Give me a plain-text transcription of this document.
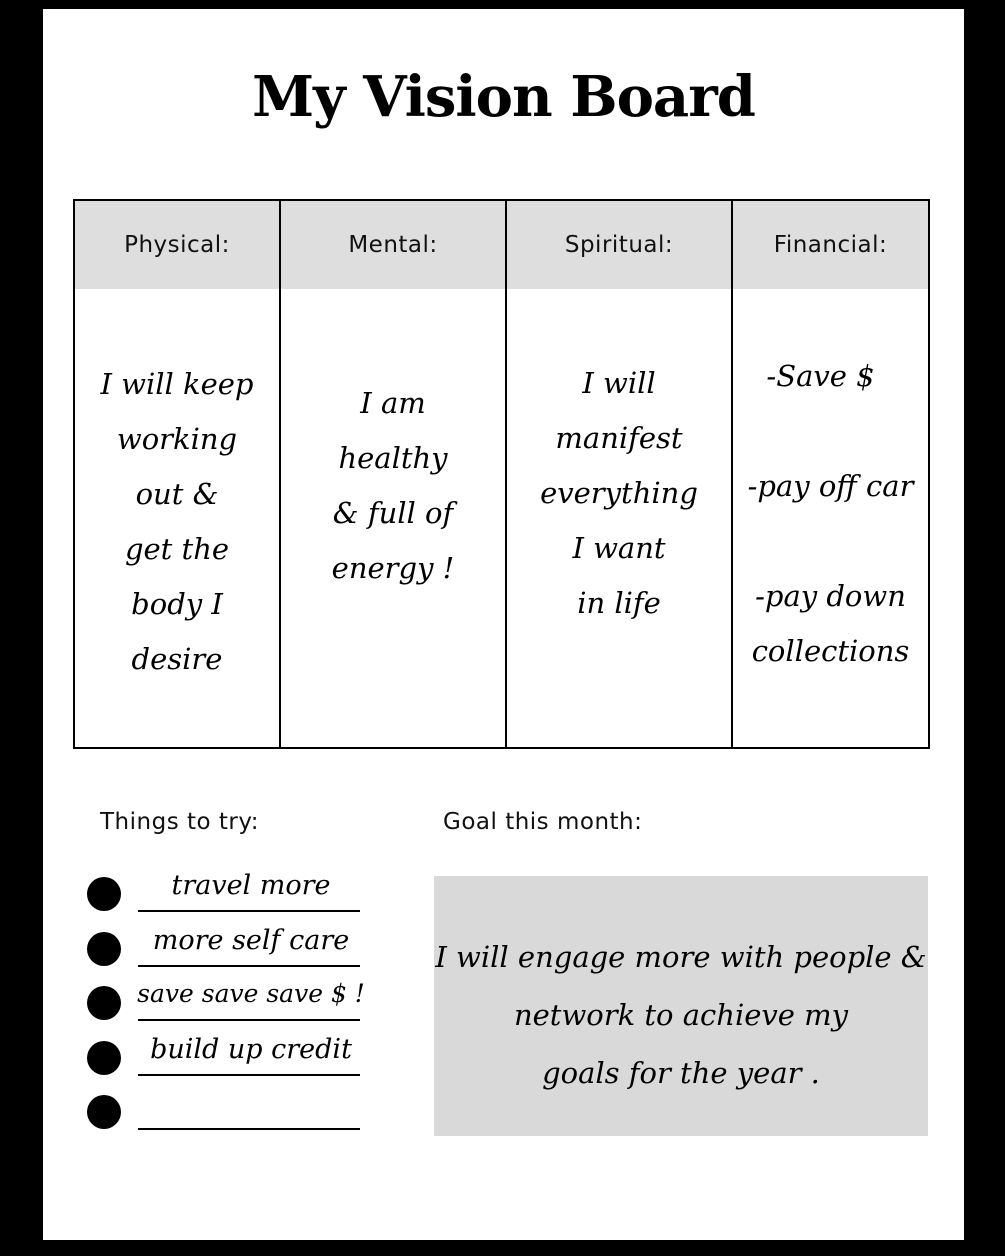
My Vision Board
Physical:
I will keep
working
out &
get the
body I
desire
Mental:
I am
healthy
& full of
energy !
Spiritual:
I will
manifest
everything
I want
in life
Financial:
-Save $
-pay off car
-pay down
collections
Things to try:
travel more
more self care
save save save $ !
build up credit
Goal this month:
I will engage more with people &
network to achieve my
goals for the year .
